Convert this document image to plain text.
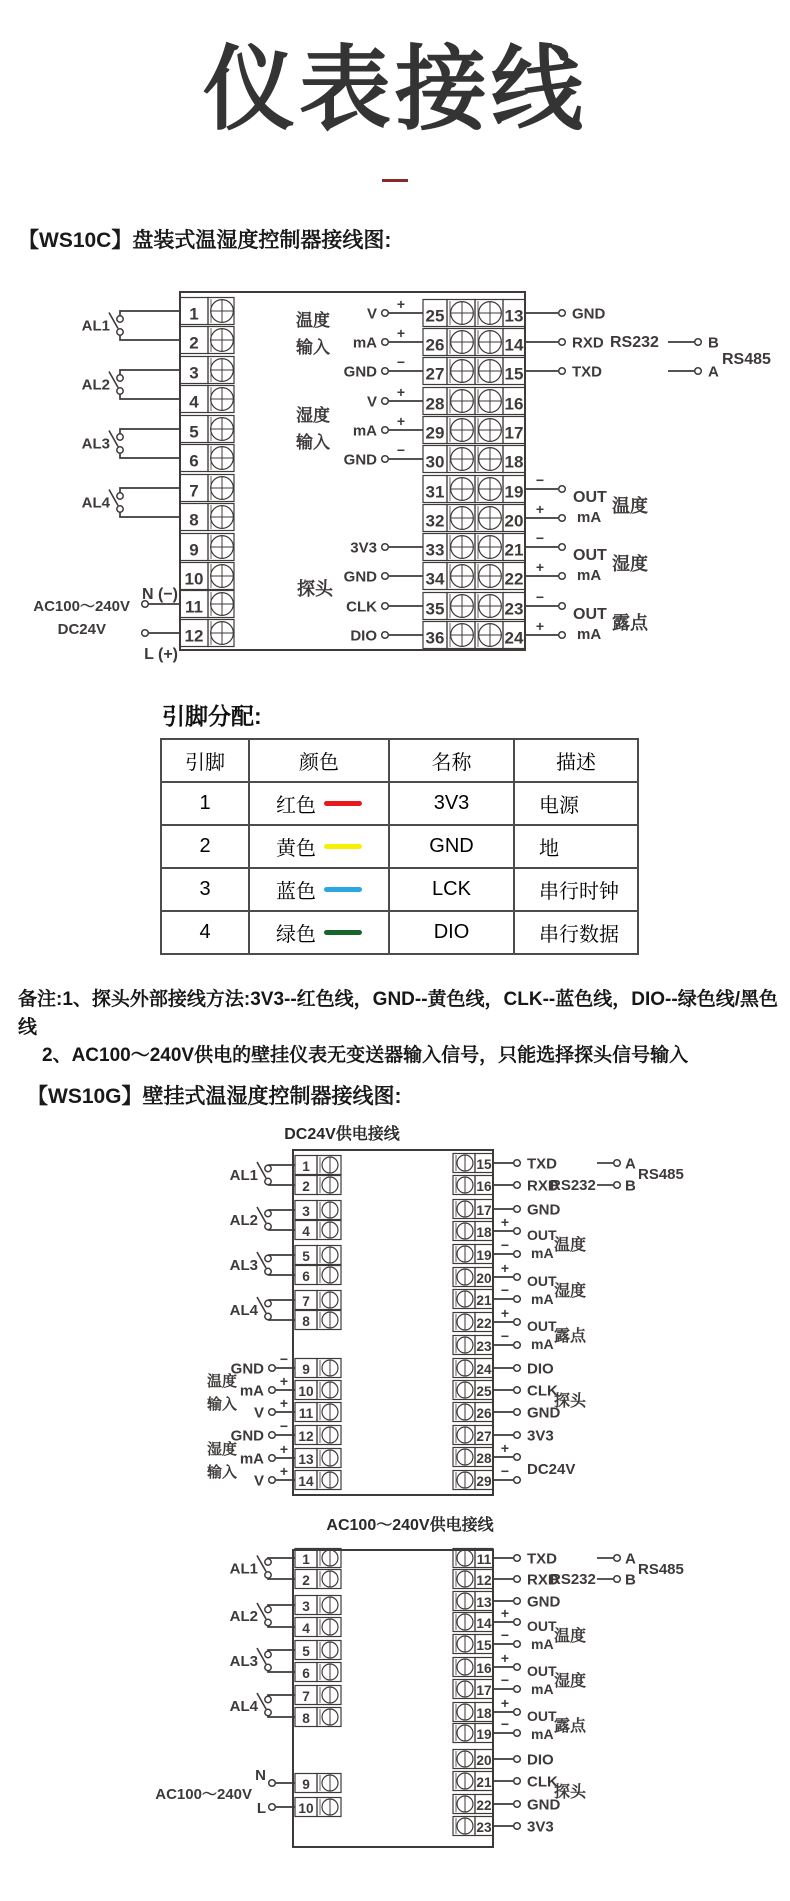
仪表接线
【WS10C】盘装式温湿度控制器接线图:
1
2
3
4
5
6
7
8
9
10
11
12
25	13
26	14
27	15
28	16
29	17
30	18
31	19
32	20
33	21
34	22
35	23
36	24
AL1
AL2
AL3
AL4
N (−)
AC100～240V
DC24V
L (+)
+
V
+
mA
−
GND
+
V
+
mA
−
GND
温度
输入
湿度
输入
3V3
GND
CLK
DIO
探头
GND
RXD
TXD
RS232	B
A
RS485
−
+
−
+
−
+
OUT
mA
温度
OUT
mA
湿度
OUT
mA
露点
引脚分配:
引脚	颜色	名称	描述
1	红色	3V3	电源
2	黄色	GND	地
3	蓝色	LCK	串行时钟
4	绿色	DIO	串行数据
备注:1、探头外部接线方法:3V3--红色线，GND--黄色线，CLK--蓝色线，DIO--绿色线/黑色线
2、AC100～240V供电的壁挂仪表无变送器输入信号，只能选择探头信号输入
【WS10G】壁挂式温湿度控制器接线图:
DC24V供电接线
1
2
3
4
5
6
7
8
9
10
11
12
13
14
15
16
17
18
19
20
21
22
23
24
25
26
27
28
29
AL1
AL2
AL3
AL4
−
GND
+
mA
+
V
−
GND
+
mA
+
V
温度
输入
湿度
输入
TXD
RXD
RS232
A
B
RS485
GND
+
−
OUT
mA 温度
+
−
OUT
mA 湿度
+
−
OUT
mA 露点
DIO
CLK
GND
3V3
探头
+
− DC24V
AC100～240V供电接线
1
2
3
4
5
6
7
8
9
10
11
12
13
14
15
16
17
18
19
20
21
22
23
AL1
AL2
AL3
AL4
N
L
AC100～240V
TXD
RXD
RS232
A
B
RS485
GND
+
−
OUT
mA 温度
+
−
OUT
mA 湿度
+
− OUT
mA 露点
DIO
CLK
GND
3V3
探头
